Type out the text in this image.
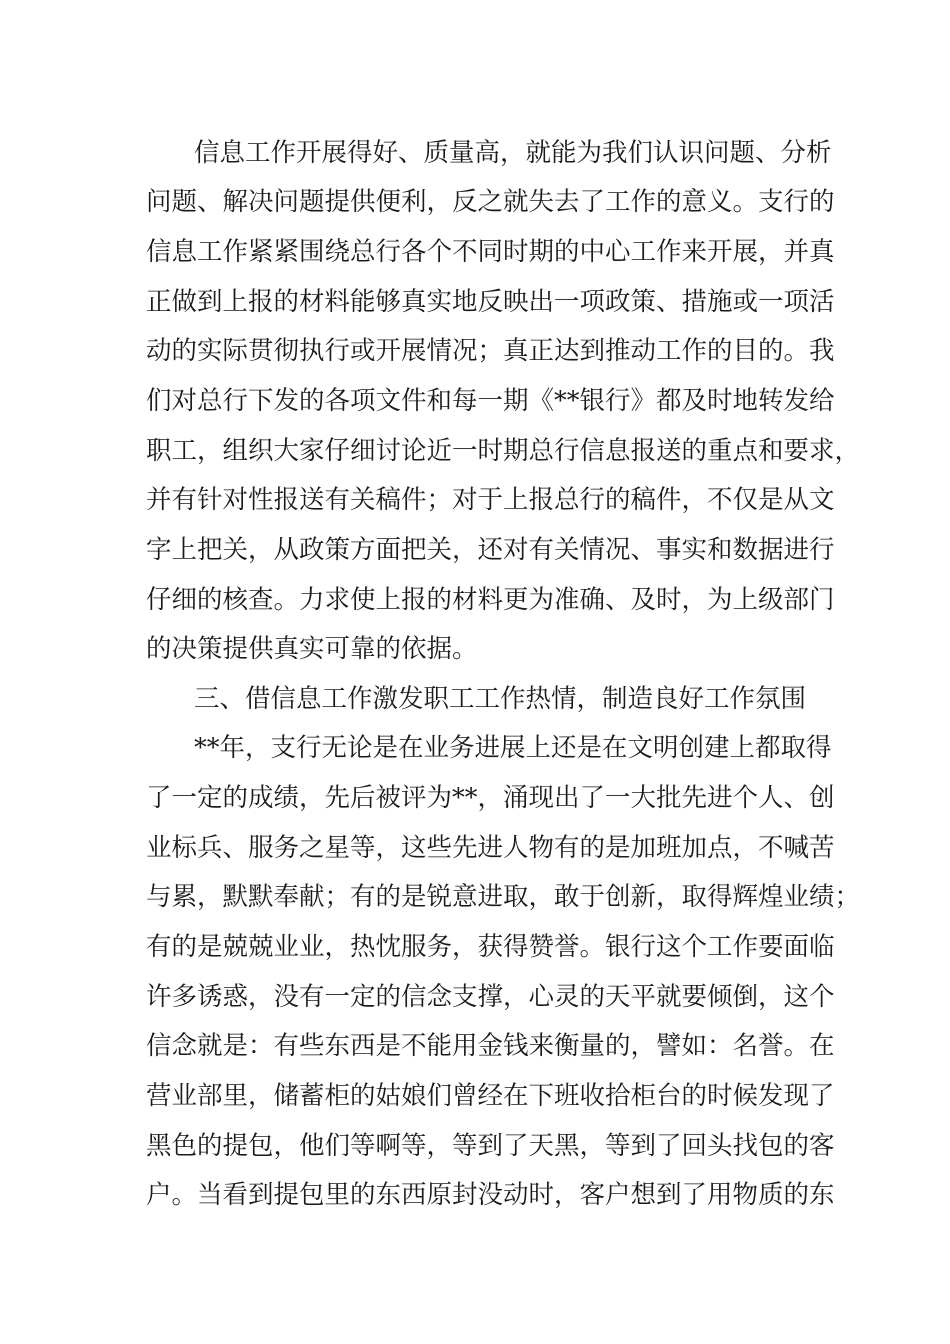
信息工作开展得好、质量高，就能为我们认识问题、分析
问题、解决问题提供便利，反之就失去了工作的意义。支行的
信息工作紧紧围绕总行各个不同时期的中心工作来开展，并真
正做到上报的材料能够真实地反映出一项政策、措施或一项活
动的实际贯彻执行或开展情况；真正达到推动工作的目的。我
们对总行下发的各项文件和每一期《**银行》都及时地转发给
职工，组织大家仔细讨论近一时期总行信息报送的重点和要求，
并有针对性报送有关稿件；对于上报总行的稿件，不仅是从文
字上把关，从政策方面把关，还对有关情况、事实和数据进行
仔细的核查。力求使上报的材料更为准确、及时，为上级部门
的决策提供真实可靠的依据。
三、借信息工作激发职工工作热情，制造良好工作氛围
**年，支行无论是在业务进展上还是在文明创建上都取得
了一定的成绩，先后被评为**，涌现出了一大批先进个人、创
业标兵、服务之星等，这些先进人物有的是加班加点，不喊苦
与累，默默奉献；有的是锐意进取，敢于创新，取得辉煌业绩；
有的是兢兢业业，热忱服务，获得赞誉。银行这个工作要面临
许多诱惑，没有一定的信念支撑，心灵的天平就要倾倒，这个
信念就是：有些东西是不能用金钱来衡量的，譬如：名誉。在
营业部里，储蓄柜的姑娘们曾经在下班收拾柜台的时候发现了
黑色的提包，他们等啊等，等到了天黑，等到了回头找包的客
户。当看到提包里的东西原封没动时，客户想到了用物质的东
